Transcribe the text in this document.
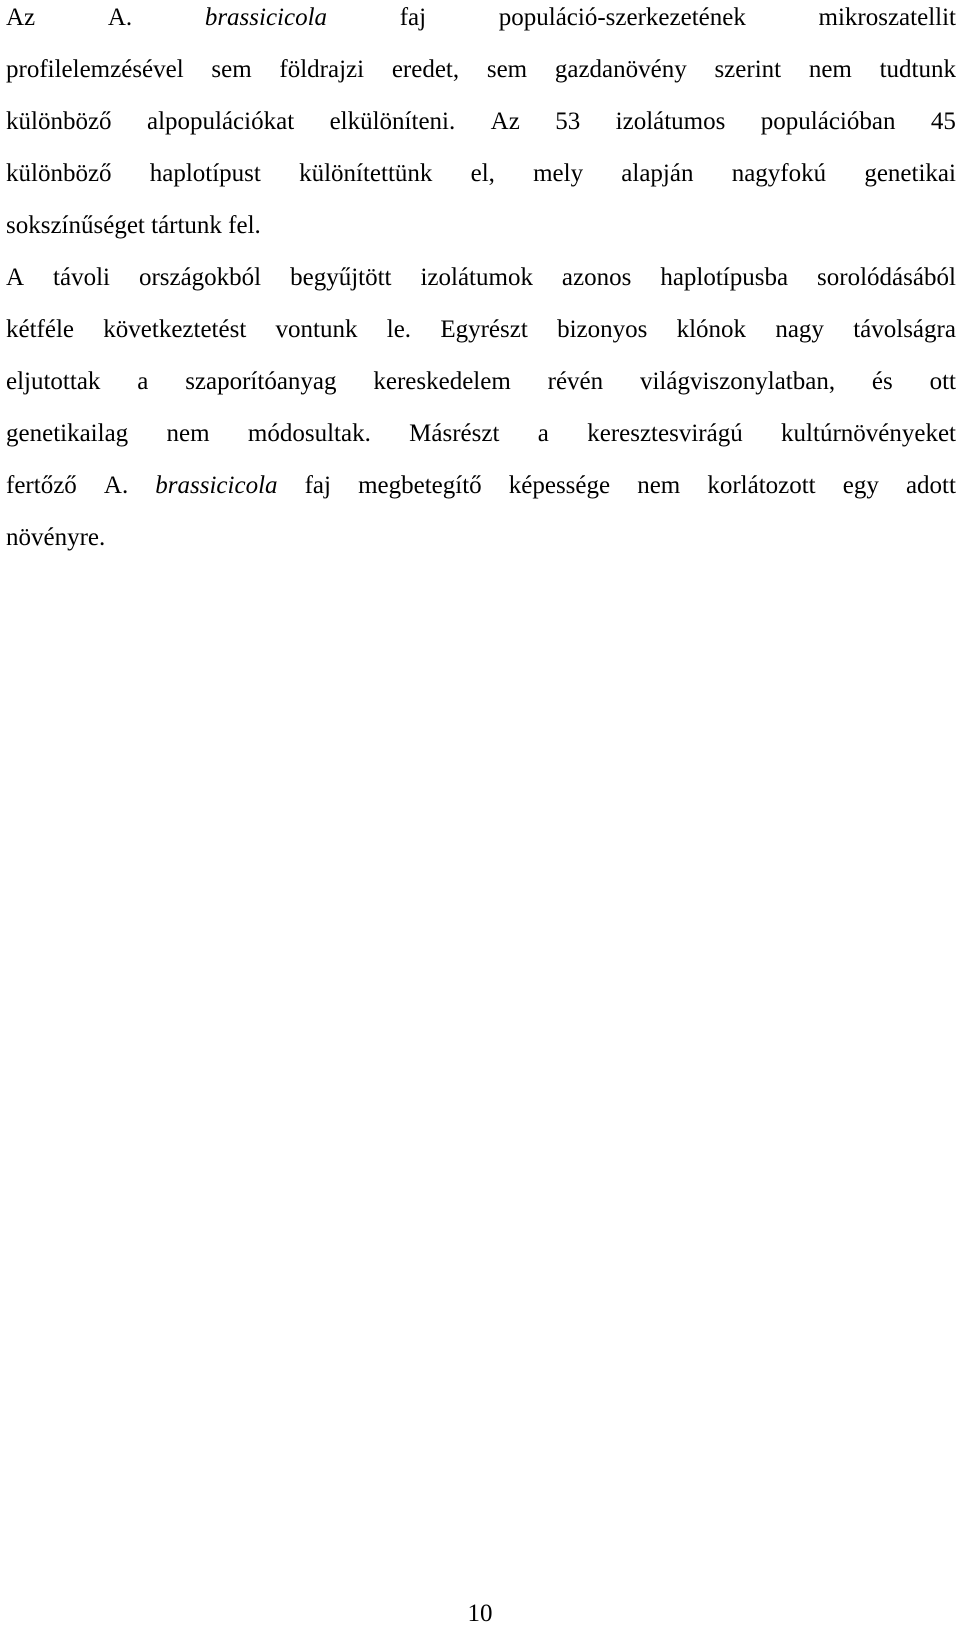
Az	A.	brassicicola	faj	populáció-szerkezetének	mikroszatellit
profilelemzésével sem földrajzi eredet, sem gazdanövény szerint nem tudtunk
különböző alpopulációkat elkülöníteni. Az 53 izolátumos populációban 45
különböző haplotípust különítettünk el, mely alapján nagyfokú genetikai
sokszínűséget tártunk fel.
A távoli országokból begyűjtött izolátumok azonos haplotípusba sorolódásából
kétféle következtetést vontunk le. Egyrészt bizonyos klónok nagy távolságra
eljutottak a szaporítóanyag kereskedelem révén világviszonylatban, és ott
genetikailag nem módosultak. Másrészt a keresztesvirágú kultúrnövényeket
fertőző A. brassicicola faj megbetegítő képessége nem korlátozott egy adott
növényre.
10
